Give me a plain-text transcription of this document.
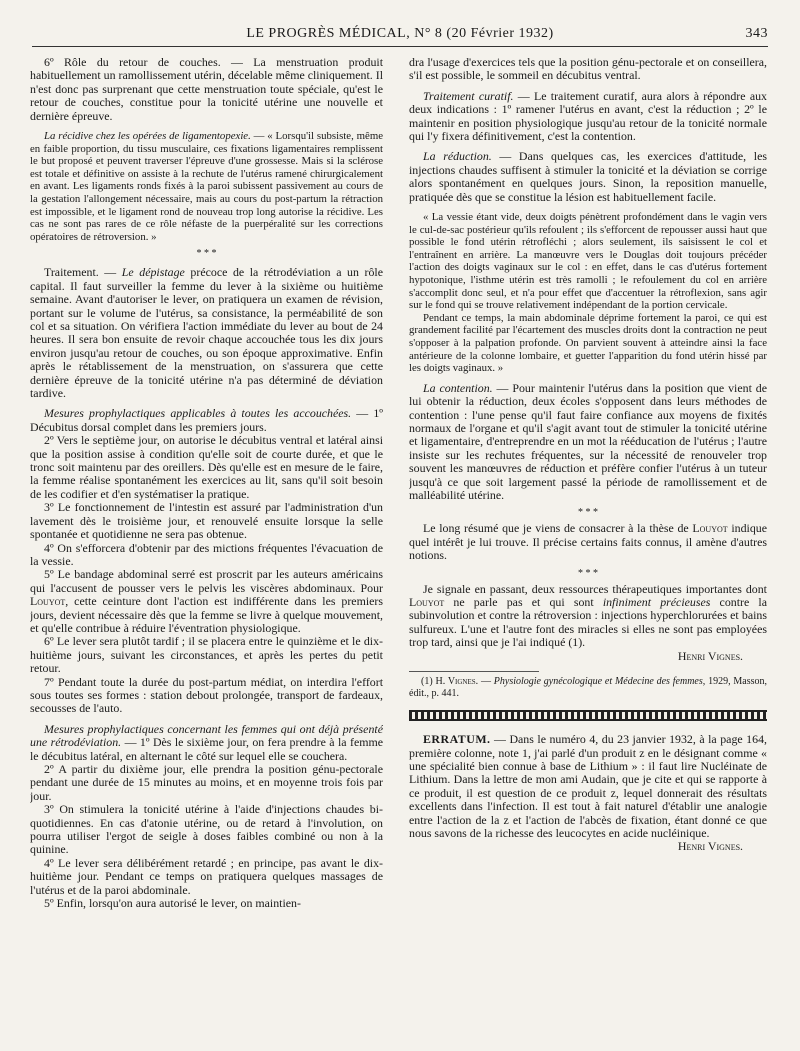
LE PROGRÈS MÉDICAL, N° 8 (20 Février 1932)	343

6º Rôle du retour de couches. — La menstruation produit habituellement un ramollissement utérin, décelable même cliniquement. Il n'est donc pas surprenant que cette menstruation toute spéciale, qu'est le retour de couches, constitue pour la tonicité utérine une nouvelle et dernière épreuve.

La récidive chez les opérées de ligamentopexie. — « Lorsqu'il subsiste, même en faible proportion, du tissu musculaire, ces fixations ligamentaires remplissent le but proposé et peuvent traverser l'épreuve d'une grossesse. Mais si la sclérose est totale et définitive on assiste à la rechute de l'utérus ramené chirurgicalement en avant. Les ligaments ronds fixés à la paroi subissent passivement au cours de la gestation l'allongement nécessaire, mais au cours du post-partum la rétraction est impossible, et le ligament rond de nouveau trop long autorise la récidive. Les cas ne sont pas rares de ce rôle néfaste de la puerpéralité sur les corrections opératoires de rétroversion. »

* * *

Traitement. — Le dépistage précoce de la rétrodéviation a un rôle capital. Il faut surveiller la femme du lever à la sixième ou huitième semaine. Avant d'autoriser le lever, on pratiquera un examen de révision, portant sur le volume de l'utérus, sa consistance, la perméabilité de son col et sa situation. On vérifiera l'action immédiate du lever au bout de 24 heures. Il sera bon ensuite de revoir chaque accouchée tous les dix jours environ jusqu'au retour de couches, ou son époque approximative. Enfin après le rétablissement de la menstruation, on s'assurera que cette dernière épreuve de la tonicité utérine n'a pas déterminé de déviation tardive.

Mesures prophylactiques applicables à toutes les accouchées. — 1º Décubitus dorsal complet dans les premiers jours.

2º Vers le septième jour, on autorise le décubitus ventral et latéral ainsi que la position assise à condition qu'elle soit de courte durée, et que le tronc soit maintenu par des oreillers. Dès qu'elle est en mesure de le faire, la femme réalise spontanément les exercices au lit, sans qu'il soit besoin de les codifier et d'en systématiser la pratique.

3º Le fonctionnement de l'intestin est assuré par l'administration d'un lavement dès le troisième jour, et renouvelé ensuite lorsque la selle spontanée et quotidienne ne sera pas obtenue.

4º On s'efforcera d'obtenir par des mictions fréquentes l'évacuation de la vessie.

5º Le bandage abdominal serré est proscrit par les auteurs américains qui l'accusent de pousser vers le pelvis les viscères abdominaux. Pour Louyot, cette ceinture dont l'action est indifférente dans les premiers jours, devient nécessaire dès que la femme se livre à quelque mouvement, et qu'elle contribue à réduire l'éventration physiologique.

6º Le lever sera plutôt tardif ; il se placera entre le quinzième et le dix-huitième jours, suivant les circonstances, et après les pertes du petit retour.

7º Pendant toute la durée du post-partum médiat, on interdira l'effort sous toutes ses formes : station debout prolongée, transport de fardeaux, secousses de l'auto.

Mesures prophylactiques concernant les femmes qui ont déjà présenté une rétrodéviation. — 1º Dès le sixième jour, on fera prendre à la femme le décubitus latéral, en alternant le côté sur lequel elle se couchera.

2º A partir du dixième jour, elle prendra la position génu-pectorale pendant une durée de 15 minutes au moins, et en moyenne trois fois par jour.

3º On stimulera la tonicité utérine à l'aide d'injections chaudes bi-quotidiennes. En cas d'atonie utérine, ou de retard à l'involution, on pourra utiliser l'ergot de seigle à doses faibles combiné ou non à la quinine.

4º Le lever sera délibérément retardé ; en principe, pas avant le dix-huitième jour. Pendant ce temps on pratiquera quelques massages de l'utérus et de la paroi abdominale.

5º Enfin, lorsqu'on aura autorisé le lever, on maintien-

dra l'usage d'exercices tels que la position génu-pectorale et on conseillera, s'il est possible, le sommeil en décubitus ventral.

Traitement curatif. — Le traitement curatif, aura alors à répondre aux deux indications : 1º ramener l'utérus en avant, c'est la réduction ; 2º le maintenir en position physiologique jusqu'au retour de la tonicité normale qui l'y fixera définitivement, c'est la contention.

La réduction. — Dans quelques cas, les exercices d'attitude, les injections chaudes suffisent à stimuler la tonicité et la déviation se corrige alors spontanément en quelques jours. Sinon, la reposition manuelle, pratiquée dès que se constitue la lésion est habituellement facile.

« La vessie étant vide, deux doigts pénètrent profondément dans le vagin vers le cul-de-sac postérieur qu'ils refoulent ; ils s'efforcent de repousser aussi haut que possible le fond utérin rétrofléchi ; alors seulement, ils saisissent le col et l'entraînent en arrière. La manœuvre vers le Douglas doit toujours précéder l'action des doigts vaginaux sur le col : en effet, dans le cas d'utérus fortement hypotonique, l'isthme utérin est très ramolli ; le refoulement du col en arrière s'accomplit donc seul, et n'a pour effet que d'accentuer la rétroflexion, sans agir sur le fond qui se trouve relativement indépendant de la portion cervicale.

Pendant ce temps, la main abdominale déprime fortement la paroi, ce qui est grandement facilité par l'écartement des muscles droits dont la contraction ne peut s'opposer à la palpation profonde. On parvient souvent à atteindre ainsi la face antérieure de la colonne lombaire, et guetter l'apparition du fond utérin hissé par les doigts vaginaux. »

La contention. — Pour maintenir l'utérus dans la position que vient de lui obtenir la réduction, deux écoles s'opposent dans leurs méthodes de contention : l'une pense qu'il faut faire confiance aux moyens de fixités normaux de l'organe et qu'il s'agit avant tout de stimuler la tonicité utérine et ligamentaire, d'entreprendre en un mot la rééducation de l'utérus ; l'autre insiste sur les rechutes fréquentes, sur la nécessité de renouveler trop souvent les manœuvres de réduction et préfère confier l'utérus à un tuteur jusqu'à ce que soit largement passé la période de ramollissement et de malléabilité utérine.

* * *

Le long résumé que je viens de consacrer à la thèse de Louyot indique quel intérêt je lui trouve. Il précise certains faits connus, il amène d'autres notions.

* * *

Je signale en passant, deux ressources thérapeutiques importantes dont Louyot ne parle pas et qui sont infiniment précieuses contre la subinvolution et contre la rétroversion : injections hyperchlorurées et bains sulfureux. L'une et l'autre font des miracles si elles ne sont pas employées trop tard, ainsi que je l'ai indiqué (1).

Henri Vignes.

(1) H. Vignes. — Physiologie gynécologique et Médecine des femmes, 1929, Masson, édit., p. 441.

ERRATUM. — Dans le numéro 4, du 23 janvier 1932, à la page 164, première colonne, note 1, j'ai parlé d'un produit z en le désignant comme « une spécialité bien connue à base de Lithium » : il faut lire Nucléinate de Lithium. Dans la lettre de mon ami Audain, que je cite et qui se rapporte à ce produit, il est question de ce produit z, lequel donnerait des résultats excellents dans l'infection. Il est tout à fait naturel d'établir une analogie entre l'action de la z et l'action de l'abcès de fixation, étant donné ce que nous savons de la richesse des leucocytes en acide nucléinique.

Henri Vignes.
